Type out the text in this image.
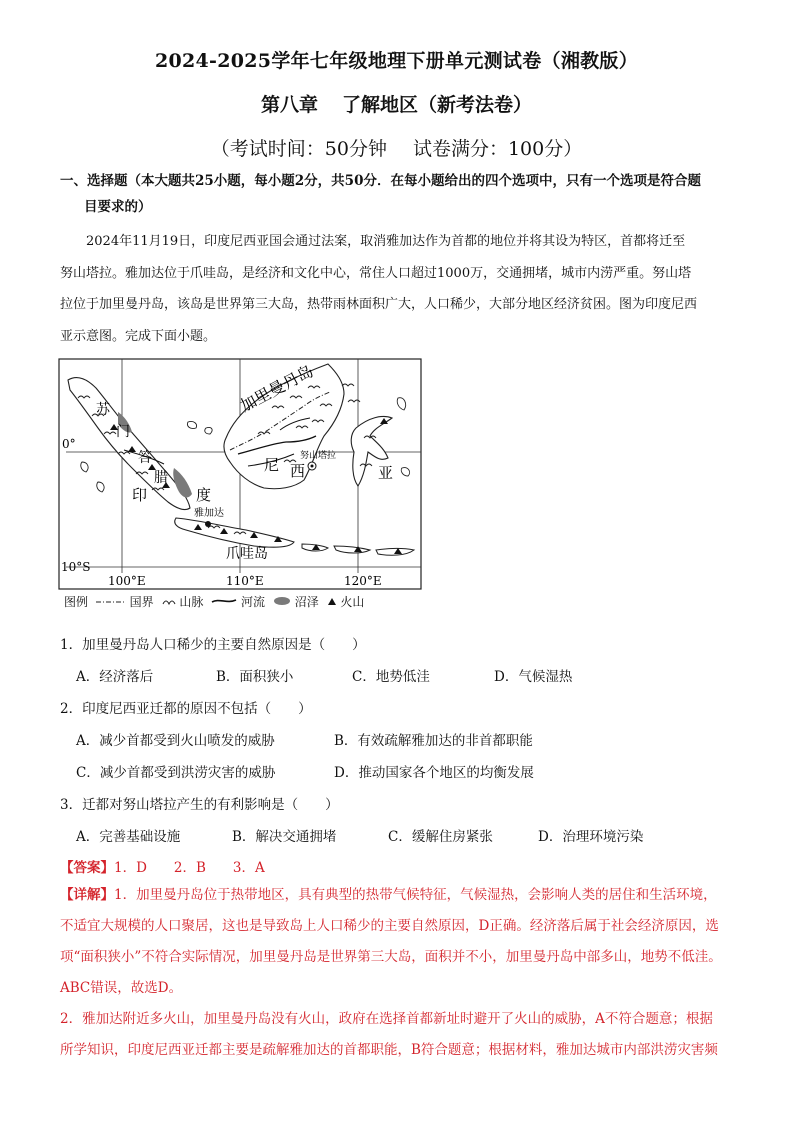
2024-2025学年七年级地理下册单元测试卷（湘教版）
第八章 了解地区（新考法卷）
（考试时间：50分钟 试卷满分：100分）
一、选择题（本大题共25小题，每小题2分，共50分．在每小题给出的四个选项中，只有一个选项是符合题
目要求的）
2024年11月19日，印度尼西亚国会通过法案，取消雅加达作为首都的地位并将其设为特区，首都将迁至
努山塔拉。雅加达位于爪哇岛，是经济和文化中心，常住人口超过1000万，交通拥堵，城市内涝严重。努山塔
拉位于加里曼丹岛，该岛是世界第三大岛，热带雨林面积广大，人口稀少，大部分地区经济贫困。图为印度尼西
亚示意图。完成下面小题。
加里曼丹岛
苏
门
答
腊
印	度
尼 西	亚
雅加达
努山塔拉
爪哇岛
0°
10°S
100°E	110°E	120°E
图例	国界 山脉	河流 沼泽 火山
1．加里曼丹岛人口稀少的主要自然原因是（　　）
A．经济落后	B．面积狭小	C．地势低洼	D．气候湿热
2．印度尼西亚迁都的原因不包括（　　）
A．减少首都受到火山喷发的威胁	B．有效疏解雅加达的非首都职能
C．减少首都受到洪涝灾害的威胁	D．推动国家各个地区的均衡发展
3．迁都对努山塔拉产生的有利影响是（　　）
A．完善基础设施	B．解决交通拥堵	C．缓解住房紧张	D．治理环境污染
【答案】1．D　　2．B　　3．A
【详解】1．加里曼丹岛位于热带地区，具有典型的热带气候特征，气候湿热，会影响人类的居住和生活环境，
不适宜大规模的人口聚居，这也是导致岛上人口稀少的主要自然原因，D正确。经济落后属于社会经济原因，选
项“面积狭小”不符合实际情况，加里曼丹岛是世界第三大岛，面积并不小，加里曼丹岛中部多山，地势不低洼。
ABC错误，故选D。
2．雅加达附近多火山，加里曼丹岛没有火山，政府在选择首都新址时避开了火山的威胁，A不符合题意；根据
所学知识，印度尼西亚迁都主要是疏解雅加达的首都职能，B符合题意；根据材料，雅加达城市内部洪涝灾害频
